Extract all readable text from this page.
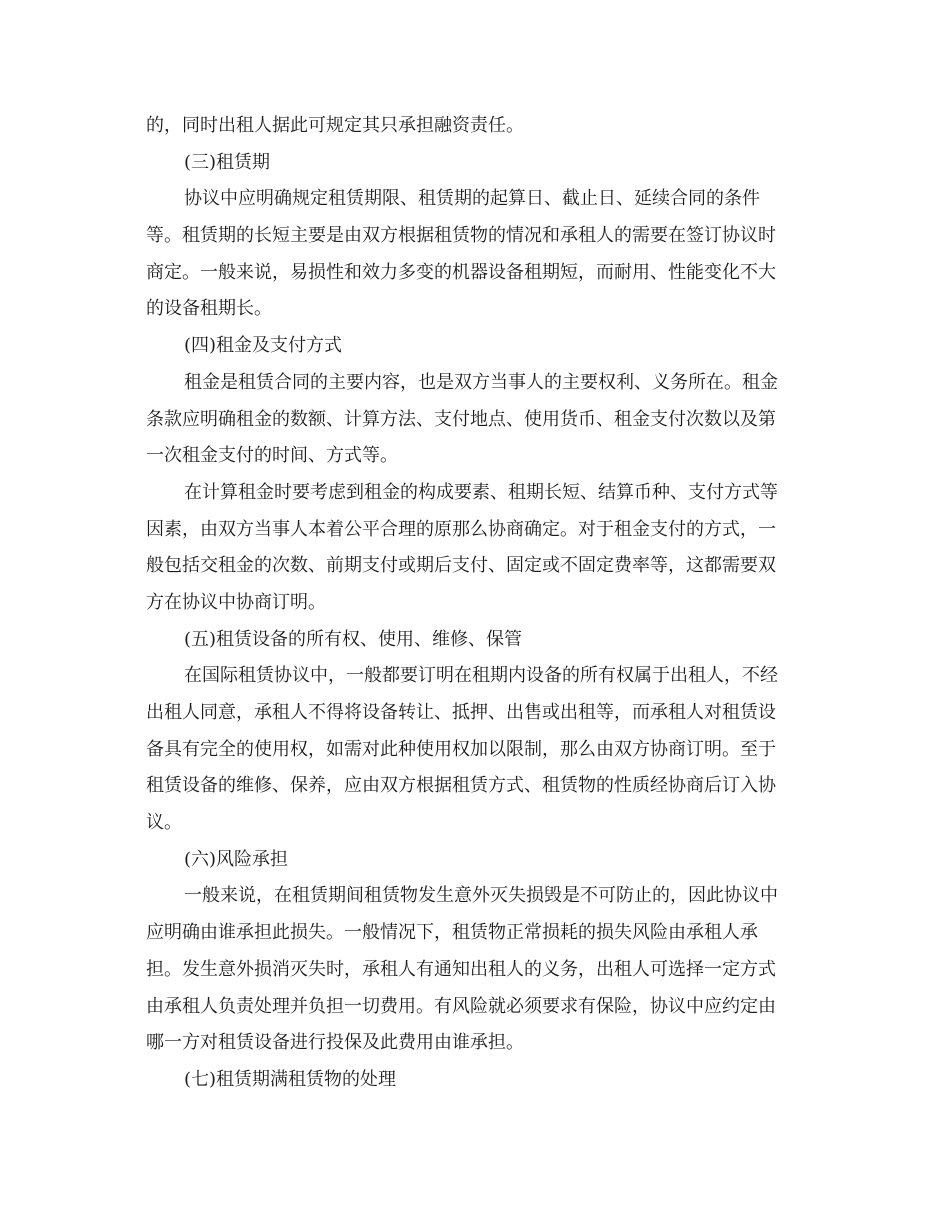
的，同时出租人据此可规定其只承担融资责任。

(三)租赁期

协议中应明确规定租赁期限、租赁期的起算日、截止日、延续合同的条件

等。租赁期的长短主要是由双方根据租赁物的情况和承租人的需要在签订协议时

商定。一般来说，易损性和效力多变的机器设备租期短，而耐用、性能变化不大

的设备租期长。

(四)租金及支付方式

租金是租赁合同的主要内容，也是双方当事人的主要权利、义务所在。租金

条款应明确租金的数额、计算方法、支付地点、使用货币、租金支付次数以及第

一次租金支付的时间、方式等。

在计算租金时要考虑到租金的构成要素、租期长短、结算币种、支付方式等

因素，由双方当事人本着公平合理的原那么协商确定。对于租金支付的方式，一

般包括交租金的次数、前期支付或期后支付、固定或不固定费率等，这都需要双

方在协议中协商订明。

(五)租赁设备的所有权、使用、维修、保管

在国际租赁协议中，一般都要订明在租期内设备的所有权属于出租人，不经

出租人同意，承租人不得将设备转让、抵押、出售或出租等，而承租人对租赁设

备具有完全的使用权，如需对此种使用权加以限制，那么由双方协商订明。至于

租赁设备的维修、保养，应由双方根据租赁方式、租赁物的性质经协商后订入协

议。

(六)风险承担

一般来说，在租赁期间租赁物发生意外灭失损毁是不可防止的，因此协议中

应明确由谁承担此损失。一般情况下，租赁物正常损耗的损失风险由承租人承

担。发生意外损消灭失时，承租人有通知出租人的义务，出租人可选择一定方式

由承租人负责处理并负担一切费用。有风险就必须要求有保险，协议中应约定由

哪一方对租赁设备进行投保及此费用由谁承担。

(七)租赁期满租赁物的处理
